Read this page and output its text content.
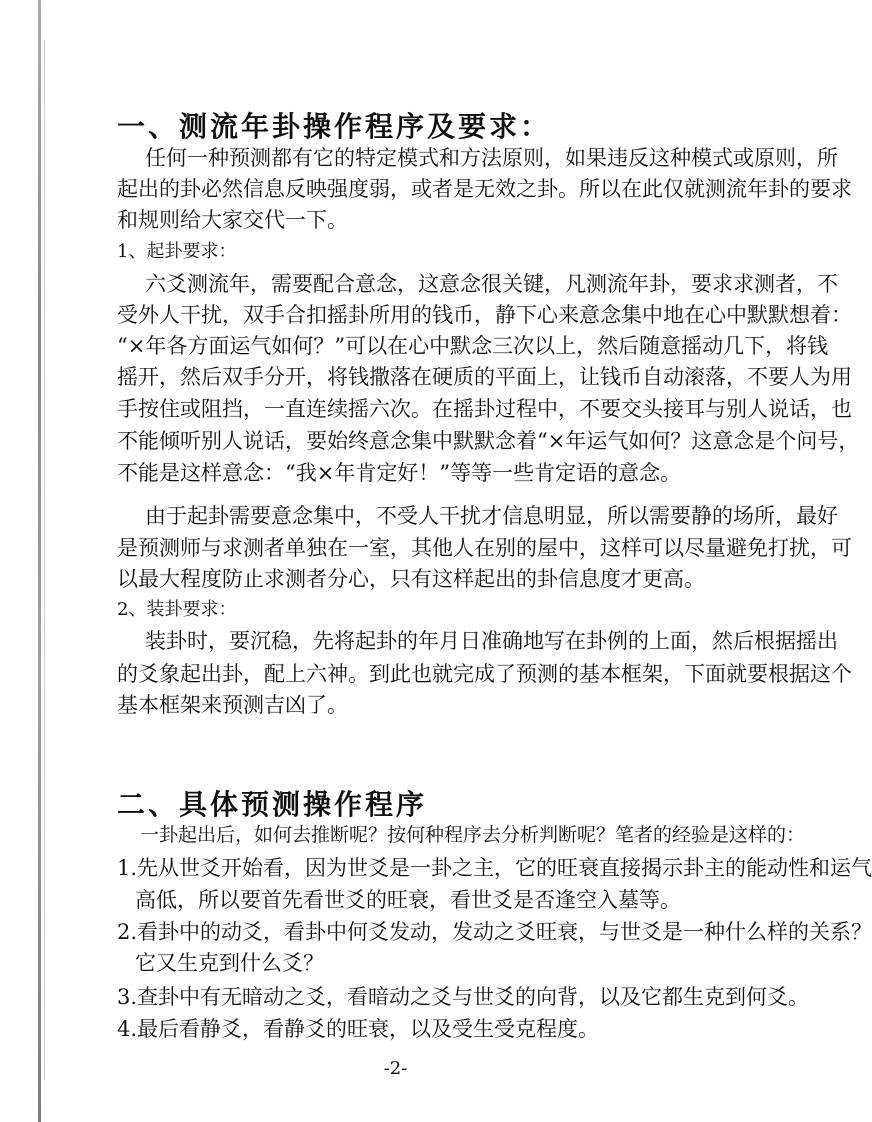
一、测流年卦操作程序及要求：
任何一种预测都有它的特定模式和方法原则，如果违反这种模式或原则，所
起出的卦必然信息反映强度弱，或者是无效之卦。所以在此仅就测流年卦的要求
和规则给大家交代一下。
1、起卦要求：
六爻测流年，需要配合意念，这意念很关键，凡测流年卦，要求求测者，不
受外人干扰，双手合扣摇卦所用的钱币，静下心来意念集中地在心中默默想着：
“×年各方面运气如何？”可以在心中默念三次以上，然后随意摇动几下，将钱
摇开，然后双手分开，将钱撒落在硬质的平面上，让钱币自动滚落，不要人为用
手按住或阻挡，一直连续摇六次。在摇卦过程中，不要交头接耳与别人说话，也
不能倾听别人说话，要始终意念集中默默念着“×年运气如何？这意念是个问号，
不能是这样意念：“我×年肯定好！”等等一些肯定语的意念。
由于起卦需要意念集中，不受人干扰才信息明显，所以需要静的场所，最好
是预测师与求测者单独在一室，其他人在别的屋中，这样可以尽量避免打扰，可
以最大程度防止求测者分心，只有这样起出的卦信息度才更高。
2、装卦要求：
装卦时，要沉稳，先将起卦的年月日准确地写在卦例的上面，然后根据摇出
的爻象起出卦，配上六神。到此也就完成了预测的基本框架，下面就要根据这个
基本框架来预测吉凶了。
二、具体预测操作程序
一卦起出后，如何去推断呢？按何种程序去分析判断呢？笔者的经验是这样的：
1.先从世爻开始看，因为世爻是一卦之主，它的旺衰直接揭示卦主的能动性和运气
高低，所以要首先看世爻的旺衰，看世爻是否逢空入墓等。
2.看卦中的动爻，看卦中何爻发动，发动之爻旺衰，与世爻是一种什么样的关系？
它又生克到什么爻？
3.查卦中有无暗动之爻，看暗动之爻与世爻的向背，以及它都生克到何爻。
4.最后看静爻，看静爻的旺衰，以及受生受克程度。
-2-
